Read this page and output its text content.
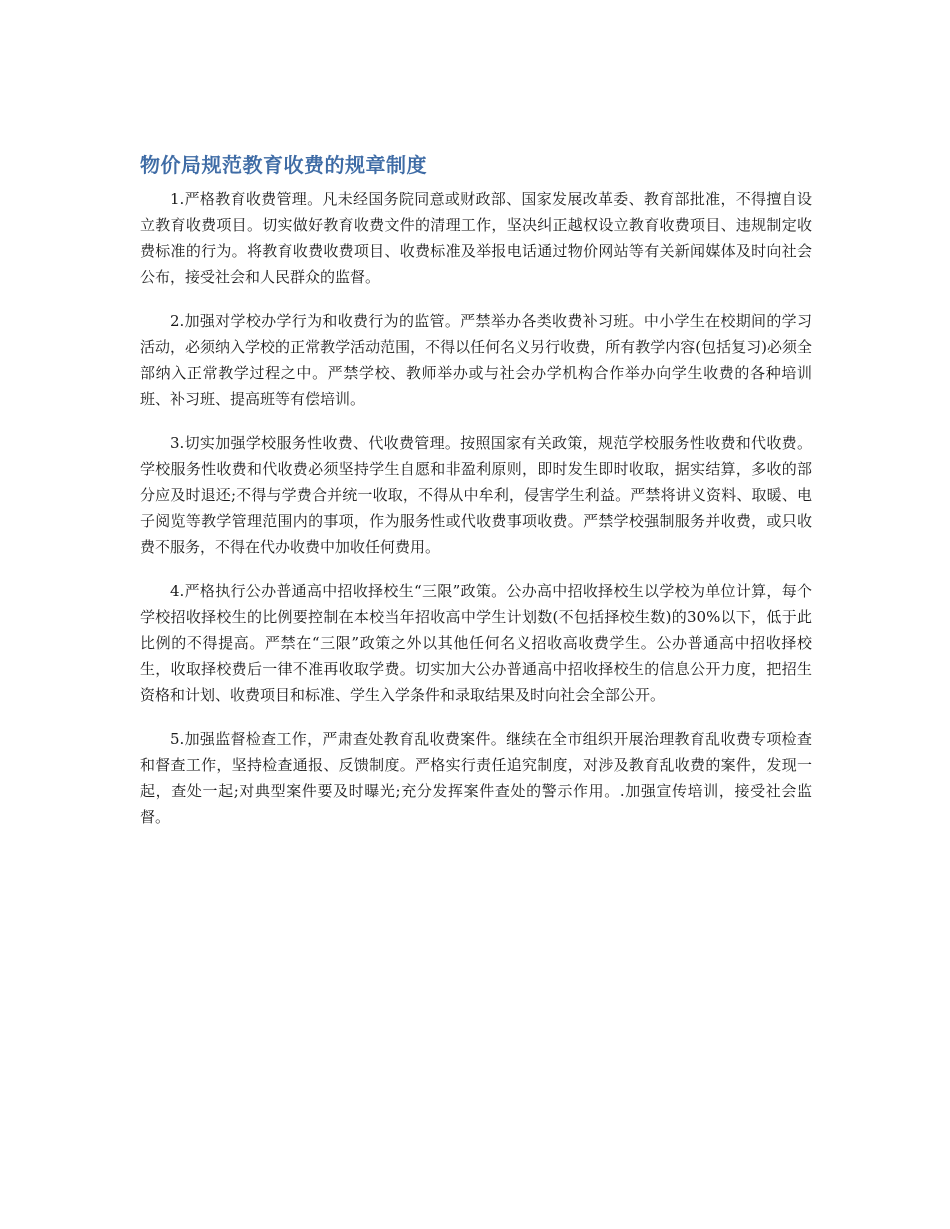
物价局规范教育收费的规章制度

1.严格教育收费管理。凡未经国务院同意或财政部、国家发展改革委、教育部批准，不得擅自设立教育收费项目。切实做好教育收费文件的清理工作，坚决纠正越权设立教育收费项目、违规制定收费标准的行为。将教育收费收费项目、收费标准及举报电话通过物价网站等有关新闻媒体及时向社会公布，接受社会和人民群众的监督。

2.加强对学校办学行为和收费行为的监管。严禁举办各类收费补习班。中小学生在校期间的学习活动，必须纳入学校的正常教学活动范围，不得以任何名义另行收费，所有教学内容(包括复习)必须全部纳入正常教学过程之中。严禁学校、教师举办或与社会办学机构合作举办向学生收费的各种培训班、补习班、提高班等有偿培训。

3.切实加强学校服务性收费、代收费管理。按照国家有关政策，规范学校服务性收费和代收费。学校服务性收费和代收费必须坚持学生自愿和非盈利原则，即时发生即时收取，据实结算，多收的部分应及时退还;不得与学费合并统一收取，不得从中牟利，侵害学生利益。严禁将讲义资料、取暖、电子阅览等教学管理范围内的事项，作为服务性或代收费事项收费。严禁学校强制服务并收费，或只收费不服务，不得在代办收费中加收任何费用。

4.严格执行公办普通高中招收择校生“三限”政策。公办高中招收择校生以学校为单位计算，每个学校招收择校生的比例要控制在本校当年招收高中学生计划数(不包括择校生数)的30%以下，低于此比例的不得提高。严禁在“三限”政策之外以其他任何名义招收高收费学生。公办普通高中招收择校生，收取择校费后一律不准再收取学费。切实加大公办普通高中招收择校生的信息公开力度，把招生资格和计划、收费项目和标准、学生入学条件和录取结果及时向社会全部公开。

5.加强监督检查工作，严肃查处教育乱收费案件。继续在全市组织开展治理教育乱收费专项检查和督查工作，坚持检查通报、反馈制度。严格实行责任追究制度，对涉及教育乱收费的案件，发现一起，查处一起;对典型案件要及时曝光;充分发挥案件查处的警示作用。.加强宣传培训，接受社会监督。
